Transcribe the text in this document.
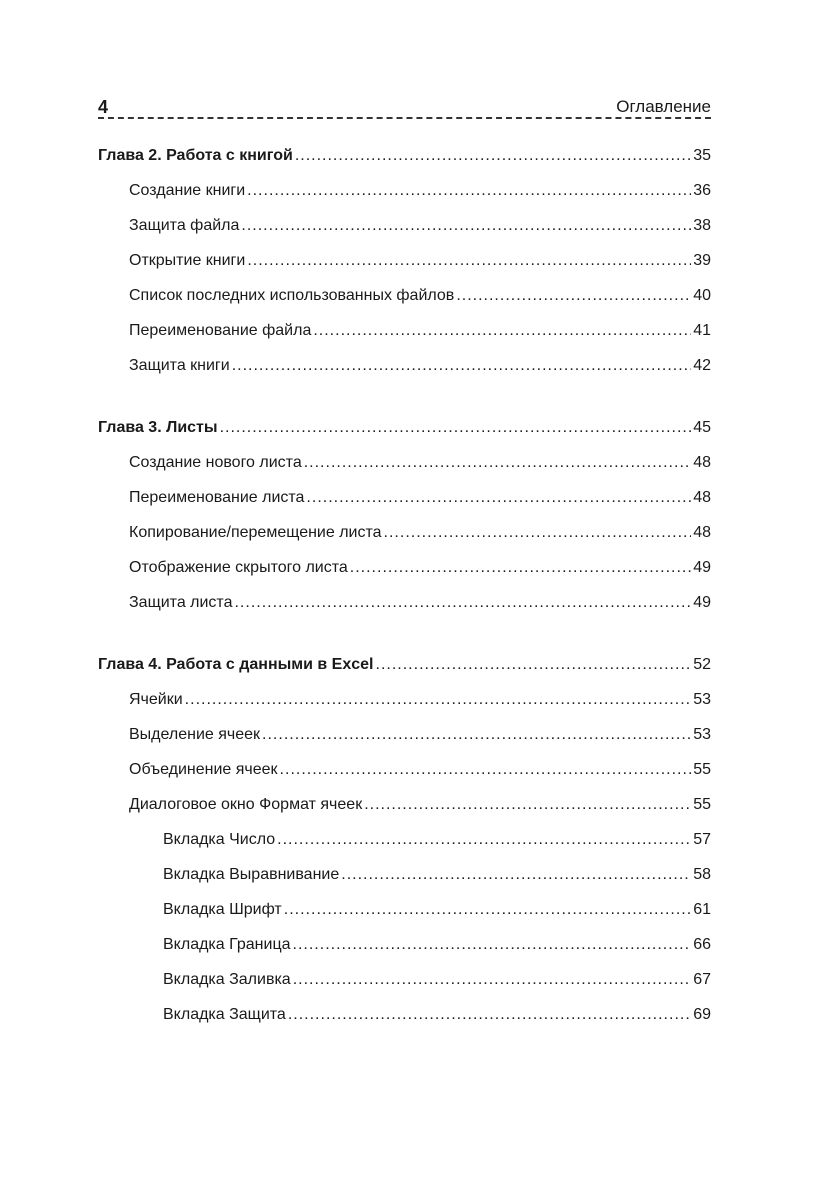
4	Оглавление
Глава 2. Работа с книгой .....	35
Создание книги .....	36
Защита файла .....	38
Открытие книги .....	39
Список последних использованных файлов .....	40
Переименование файла .....	41
Защита книги .....	42
Глава 3. Листы .....	45
Создание нового листа .....	48
Переименование листа .....	48
Копирование/перемещение листа .....	48
Отображение скрытого листа .....	49
Защита листа .....	49
Глава 4. Работа с данными в Excel .....	52
Ячейки .....	53
Выделение ячеек .....	53
Объединение ячеек .....	55
Диалоговое окно Формат ячеек .....	55
Вкладка Число .....	57
Вкладка Выравнивание .....	58
Вкладка Шрифт .....	61
Вкладка Граница .....	66
Вкладка Заливка .....	67
Вкладка Защита .....	69
